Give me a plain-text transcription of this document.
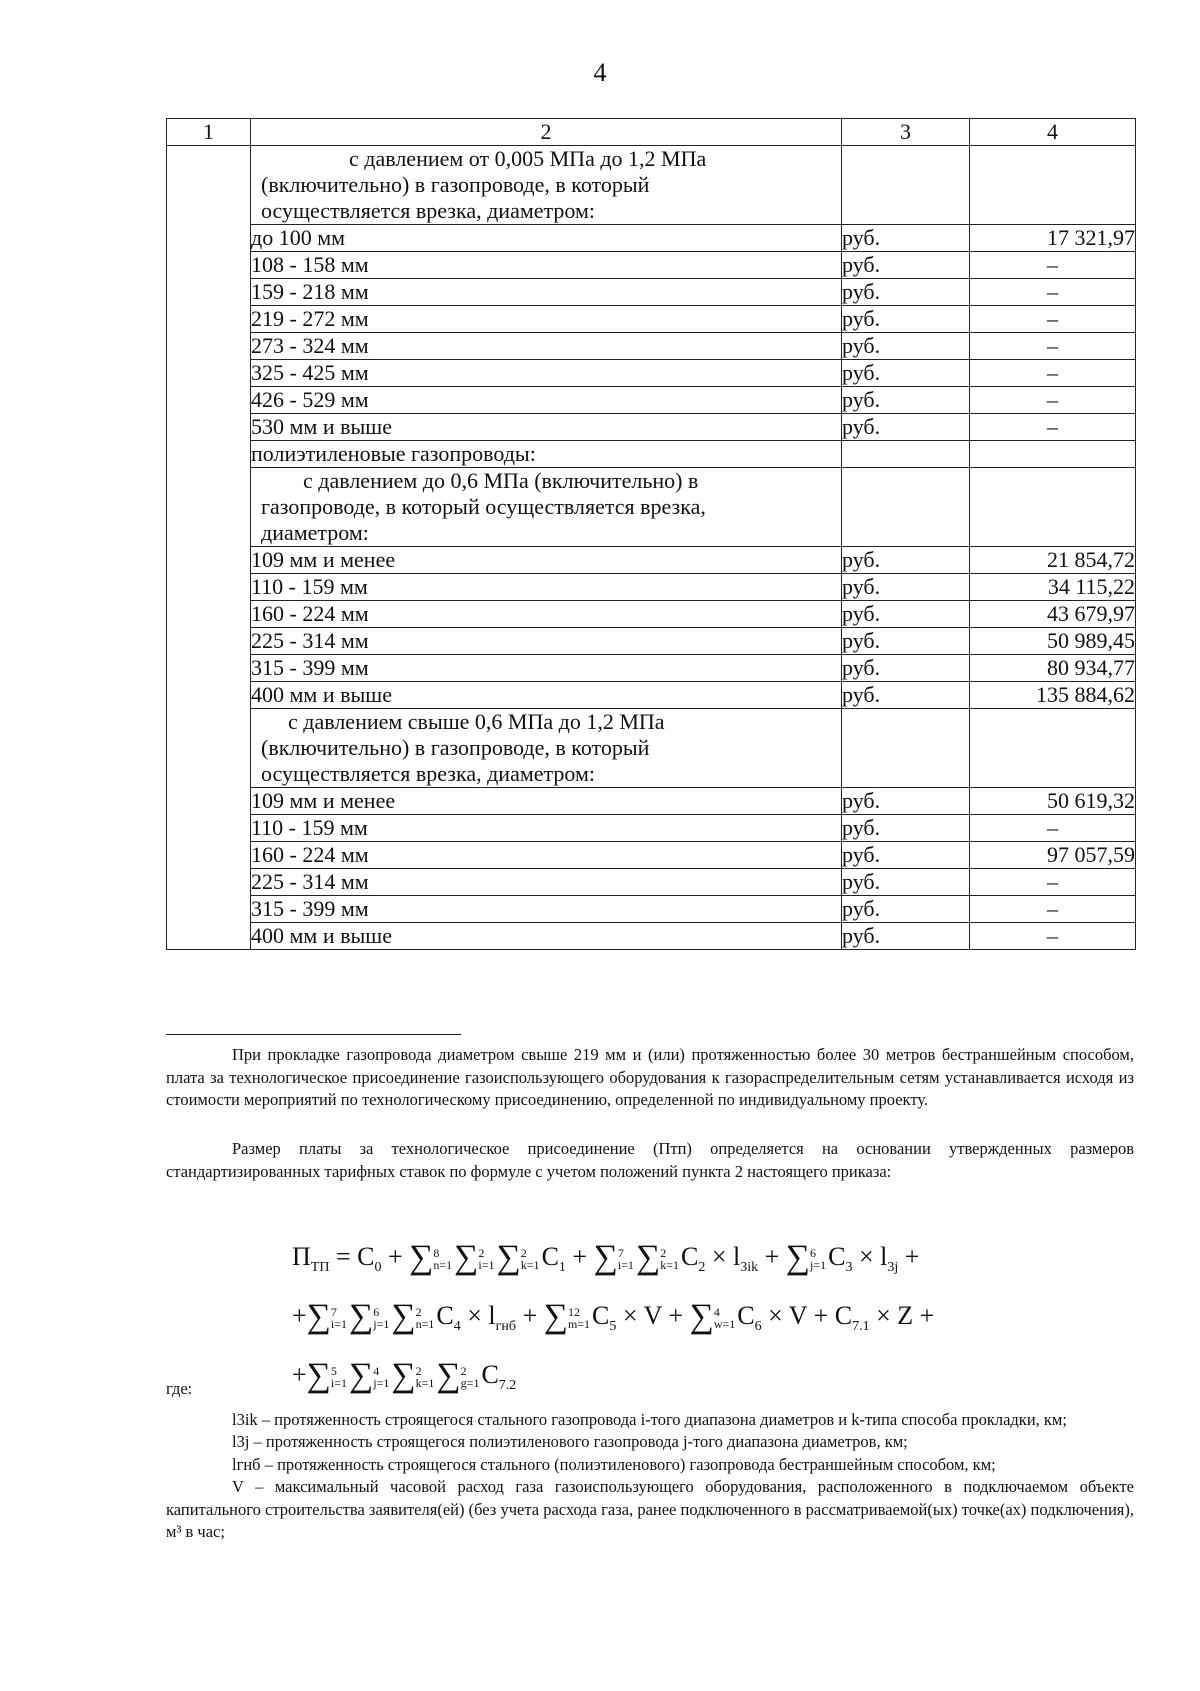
4
1	2	3	4

	с давлением от 0,005 МПа до 1,2 МПа
(включительно) в газопроводе, в который
осуществляется врезка, диаметром:		

	до 100 мм	руб.	17 321,97
	108 - 158 мм	руб.	–
	159 - 218 мм	руб.	–
	219 - 272 мм	руб.	–
	273 - 324 мм	руб.	–
	325 - 425 мм	руб.	–
	426 - 529 мм	руб.	–
	530 мм и выше	руб.	–
	полиэтиленовые газопроводы:		

	с давлением до 0,6 МПа (включительно) в
газопроводе, в который осуществляется врезка,
диаметром:		

	109 мм и менее	руб.	21 854,72
	110 - 159 мм	руб.	34 115,22
	160 - 224 мм	руб.	43 679,97
	225 - 314 мм	руб.	50 989,45
	315 - 399 мм	руб.	80 934,77
	400 мм и выше	руб.	135 884,62

	с давлением свыше 0,6 МПа до 1,2 МПа
(включительно) в газопроводе, в который
осуществляется врезка, диаметром:		

	109 мм и менее	руб.	50 619,32
	110 - 159 мм	руб.	–
	160 - 224 мм	руб.	97 057,59
	225 - 314 мм	руб.	–
	315 - 399 мм	руб.	–
	400 мм и выше	руб.	–

При прокладке газопровода диаметром свыше 219 мм и (или) протяженностью более 30 метров бестраншейным способом, плата за технологическое присоединение газоиспользующего оборудования к газораспределительным сетям устанавливается исходя из стоимости мероприятий по технологическому присоединению, определенной по индивидуальному проекту.

Размер платы за технологическое присоединение (Птп) определяется на основании утвержденных размеров стандартизированных тарифных ставок по формуле с учетом положений пункта 2 настоящего приказа:

$П_{ТП} = C_0 + \sum 8$
n=1∑2
i=1∑2
$k=1C_1 + \sum 7$
i=1∑2
$k=1C_2 \times l_{3ik} + \sum 6$
$j=1C_3 \times l_{3j}$ +
+∑7
i=1∑6
j=1∑2
$n=1C_4 \times l_{гнб} + \sum 12$
$m=1C_5 \times V + \sum 4$
$w=1C_6 \times V + C_{7.1} \times Z$ +
+∑5
i=1∑4
j=1∑2
k=1∑2
$g=1C_{7.2}$

где:

l3ik – протяженность строящегося стального газопровода i-того диапазона диаметров и k-типа способа прокладки, км;

l3j – протяженность строящегося полиэтиленового газопровода j-того диапазона диаметров, км;

lгнб – протяженность строящегося стального (полиэтиленового) газопровода бестраншейным способом, км;

V – максимальный часовой расход газа газоиспользующего оборудования, расположенного в подключаемом объекте капитального строительства заявителя(ей) (без учета расхода газа, ранее подключенного в рассматриваемой(ых) точке(ах) подключения), м³ в час;
